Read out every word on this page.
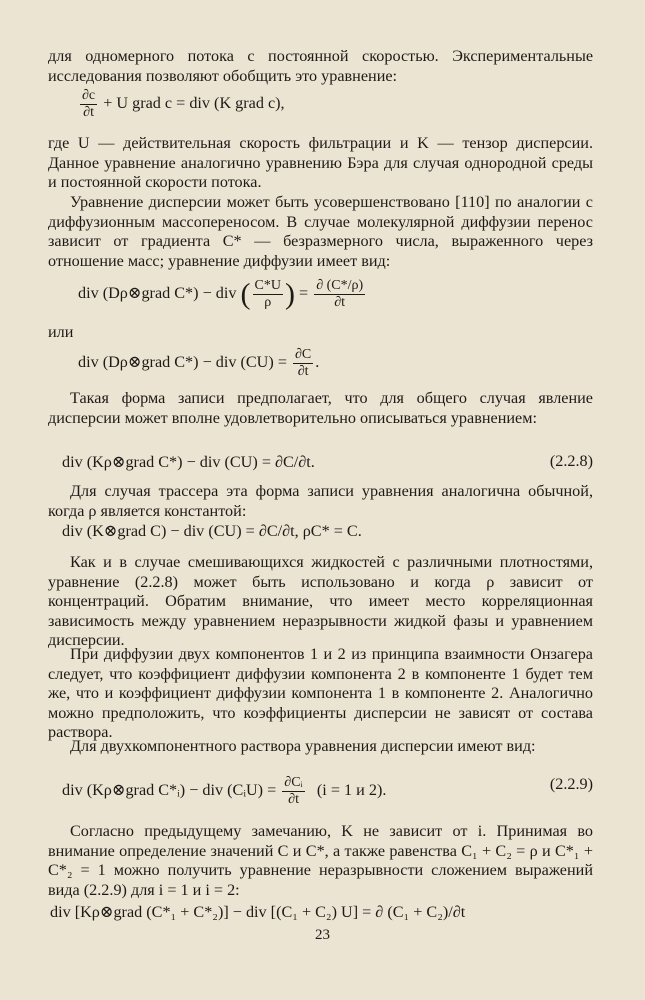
для одномерного потока с постоянной скоростью. Экспериментальные исследования позволяют обобщить это уравнение:

$\frac{\partial c}{\partial t} + U$ grad c = div (K grad c),

где U — действительная скорость фильтрации и K — тензор дисперсии. Данное уравнение аналогично уравнению Бэра для случая однородной среды и постоянной скорости потока.

Уравнение дисперсии может быть усовершенствовано [110] по аналогии с диффузионным массопереносом. В случае молекулярной диффузии перенос зависит от градиента C* — безразмерного числа, выраженного через отношение масс; уравнение диффузии имеет вид:

div (Dρ⊗grad C*) − div ( $\frac{C*U}{\rho}$ ) = $\frac{\partial (C*/\rho)}{\partial t}$

или

div (Dρ⊗grad C*) − div $(CU) = \frac{\partial C}{\partial t}$ .

Такая форма записи предполагает, что для общего случая явление дисперсии может вполне удовлетворительно описываться уравнением:

div (Kρ⊗grad C*) − div (CU) = ∂C/∂t.	(2.2.8)

Для случая трассера эта форма записи уравнения аналогична обычной, когда ρ является константой:

div (K⊗grad C) − div (CU) = ∂C/∂t, ρC* = C.

Как и в случае смешивающихся жидкостей с различными плотностями, уравнение (2.2.8) может быть использовано и когда ρ зависит от концентраций. Обратим внимание, что имеет место корреляционная зависимость между уравнением неразрывности жидкой фазы и уравнением дисперсии.

При диффузии двух компонентов 1 и 2 из принципа взаимности Онзагера следует, что коэффициент диффузии компонента 2 в компоненте 1 будет тем же, что и коэффициент диффузии компонента 1 в компоненте 2. Аналогично можно предположить, что коэффициенты дисперсии не зависят от состава раствора.

Для двухкомпонентного раствора уравнения дисперсии имеют вид:

div (Kρ⊗grad C*ᵢ) − div (CᵢU) = $\frac{\text{∂Cᵢ}}{\partial t} (i = 1$ и 2).	(2.2.9)

Согласно предыдущему замечанию, K не зависит от i. Принимая во внимание определение значений C и C*, а также равенства C₁ + C₂ = ρ и C*₁ + C*₂ = 1 можно получить уравнение неразрывности сложением выражений вида (2.2.9) для i = 1 и i = 2:

div [Kρ⊗grad (C*₁ + C*₂)] − div [(C₁ + C₂) U] = ∂ (C₁ + C₂)/∂t
23
